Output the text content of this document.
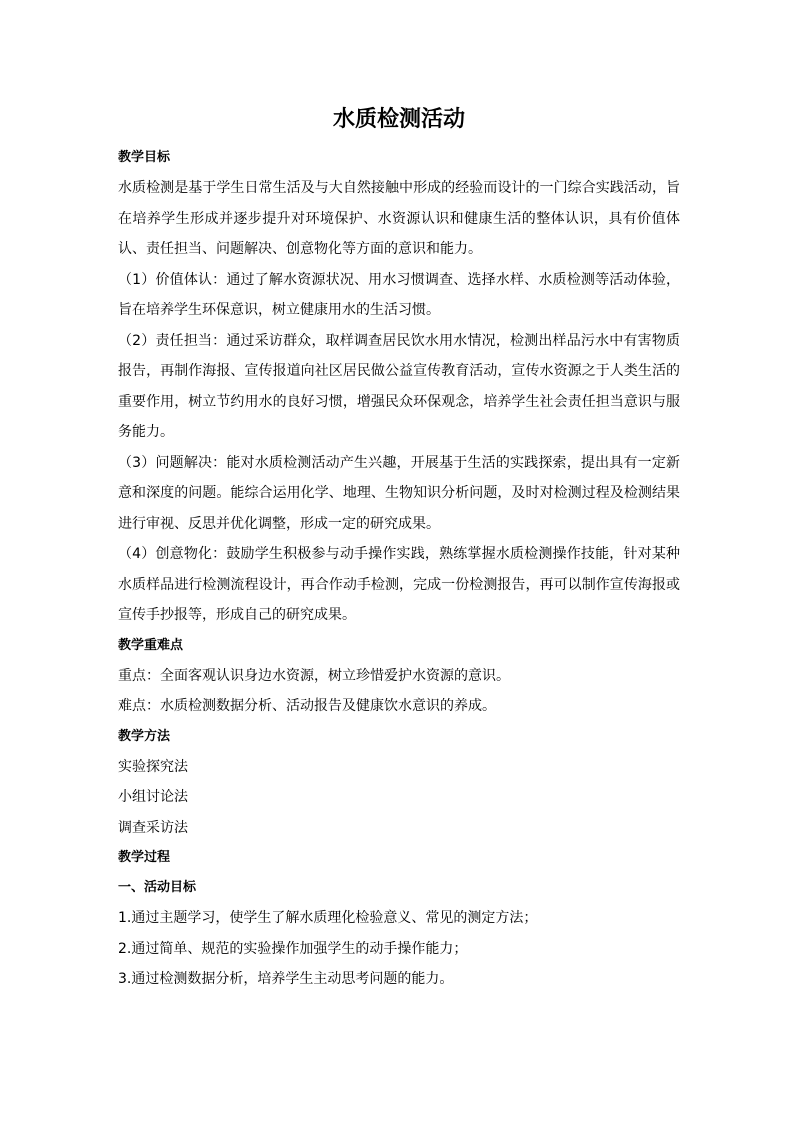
水质检测活动

教学目标

水质检测是基于学生日常生活及与大自然接触中形成的经验而设计的一门综合实践活动，旨在培养学生形成并逐步提升对环境保护、水资源认识和健康生活的整体认识，具有价值体认、责任担当、问题解决、创意物化等方面的意识和能力。

（1）价值体认：通过了解水资源状况、用水习惯调查、选择水样、水质检测等活动体验，旨在培养学生环保意识，树立健康用水的生活习惯。

（2）责任担当：通过采访群众，取样调查居民饮水用水情况，检测出样品污水中有害物质报告，再制作海报、宣传报道向社区居民做公益宣传教育活动，宣传水资源之于人类生活的重要作用，树立节约用水的良好习惯，增强民众环保观念，培养学生社会责任担当意识与服务能力。

（3）问题解决：能对水质检测活动产生兴趣，开展基于生活的实践探索，提出具有一定新意和深度的问题。能综合运用化学、地理、生物知识分析问题，及时对检测过程及检测结果进行审视、反思并优化调整，形成一定的研究成果。

（4）创意物化：鼓励学生积极参与动手操作实践，熟练掌握水质检测操作技能，针对某种水质样品进行检测流程设计，再合作动手检测，完成一份检测报告，再可以制作宣传海报或宣传手抄报等，形成自己的研究成果。

教学重难点

重点：全面客观认识身边水资源，树立珍惜爱护水资源的意识。

难点：水质检测数据分析、活动报告及健康饮水意识的养成。

教学方法

实验探究法

小组讨论法

调查采访法

教学过程

一、活动目标

1.通过主题学习，使学生了解水质理化检验意义、常见的测定方法；

2.通过简单、规范的实验操作加强学生的动手操作能力；

3.通过检测数据分析，培养学生主动思考问题的能力。
